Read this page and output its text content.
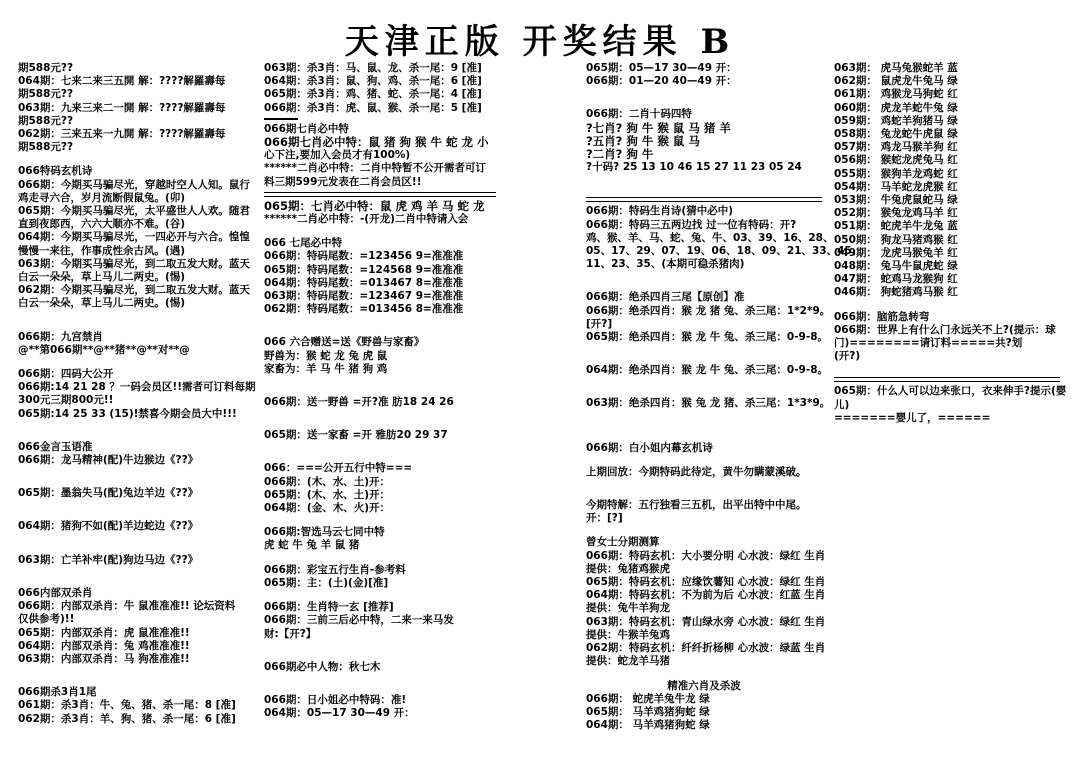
天津正版 开奖结果 B
期588元??
064期：七来二来三五開 解：????解羅壽每
期588元??
063期：九来三来二一開 解：????解羅壽每
期588元??
062期：三来五来一九開 解：????解羅壽每
期588元??
066特码玄机诗
066期：今期买马骗尽光，穿越时空人人知。鼠行
鸡走寻六合，岁月流断假鼠兔。(卯)
065期：今期买马骗尽光，太平盛世人人欢。随君
直到夜郎西，六六大顺亦不难。(谷)
064期：今期买马骗尽光，一四必开与六合。惶惶
慢慢一来往，作事成性余古风。(遇)
063期：今期买马骗尽光，到二取五发大财。蓝天
白云一朵朵，草上马儿二两史。(惕)
062期：今期买马骗尽光，到二取五发大财。蓝天
白云一朵朵，草上马儿二两史。(惕)
066期：九宫禁肖
@**第066期**@**猪**@**对**@
066期：四码大公开
066期:14 21 28 ？一码会员区!!需者可订料每期
300元三期800元!!
065期:14 25 33 (15)!禁喜今期会员大中!!!
066金言玉语准
066期：龙马精神(配)牛边猴边《??》
065期：墨翁失马(配)兔边羊边《??》
064期：猪狗不如(配)羊边蛇边《??》
063期：亡羊补牢(配)狗边马边《??》
066内部双杀肖
066期：内部双杀肖：牛 鼠准准准!! 论坛资料
仅供参考)!!
065期：内部双杀肖：虎 鼠准准准!!
064期：内部双杀肖：兔 鸡准准准!!
063期：内部双杀肖：马 狗准准准!!
066期杀3肖1尾
061期：杀3肖：牛、兔、猪、杀一尾：8 [准]
062期：杀3肖：羊、狗、猪、杀一尾：6 [准]
063期：杀3肖：马、鼠、龙、杀一尾：9 [准]
064期：杀3肖：鼠、狗、鸡、杀一尾：6 [准]
065期：杀3肖：鸡、猪、蛇、杀一尾：4 [准]
066期：杀3肖：虎、鼠、猴、杀一尾：5 [准]
066期七肖必中特
066期七肖必中特：鼠 猪 狗 猴 牛 蛇 龙 小
心下注,要加入会员才有100%)
******二肖必中特：二肖中特暂不公开需者可订
料三期599元发表在二肖会员区!!
065期：七肖必中特：鼠 虎 鸡 羊 马 蛇 龙
******二肖必中特：-(开龙)二肖中特请入会
066 七尾必中特
066期：特码尾数：=123456 9=准准准
065期：特码尾数：=124568 9=准准准
064期：特码尾数：=013467 8=准准准
063期：特码尾数：=123467 9=准准准
062期：特码尾数：=013456 8=准准准
066 六合赠送=送《野兽与家畜》
野兽为：猴 蛇 龙 兔 虎 鼠
家畜为：羊 马 牛 猪 狗 鸡
066期：送一野兽 =开?准 肪18 24 26
065期：送一家畜 =开 雅肪20 29 37
066：===公开五行中特===
066期：(木、水、土)开：
065期：(木、水、土)开：
064期：(金、木、火)开：
066期:智选马云七同中特
虎 蛇 牛 兔 羊 鼠 猪
066期：彩宝五行生肖-参考料
065期：主：(土)(金)[准]
066期：生肖特一玄 [推荐]
066期：三前三后必中特，二来一来马发
财:【开?】
066期必中人物：秋七木
066期：日小姐必中特码：准!
064期：05—17 30—49 开：
065期：05—17 30—49 开：
066期：01—20 40—49 开：
066期：二肖十码四特
?七肖? 狗 牛 猴 鼠 马 猪 羊
?五肖? 狗 牛 猴 鼠 马
?二肖? 狗 牛
?十码? 25 13 10 46 15 27 11 23 05 24
066期：特码生肖诗(猜中必中)
066期：特码三五两边找 过一位有特码：开?
鸡、猴、羊、马、蛇、兔、牛、03、39、16、28、
05、17、29、07、19、06、18、09、21、33、45、
11、23、35、(本期可稳杀猪肉)
066期：绝杀四肖三尾【原创】准
066期：绝杀四肖：猴 龙 猪 兔、杀三尾：1*2*9。
[开?]
065期：绝杀四肖：猴 龙 牛 兔、杀三尾：0-9-8。
064期：绝杀四肖：猴 龙 牛 兔、杀三尾：0-9-8。
063期：绝杀四肖：猴 兔 龙 猪、杀三尾：1*3*9。
066期：白小姐内幕玄机诗
上期回放：今期特码此待定，黄牛勿瞒蒙溪破。
今期特解：五行独看三五机，出平出特中中尾。
开：[?]
曾女士分期测算
066期：特码玄机：大小要分明 心水波：绿红 生肖
提供：兔猪鸡猴虎
065期：特码玄机：应缘饮薯知 心水波：绿红 生肖
064期：特码玄机：不为前为后 心水波：红蓝 生肖
提供：兔牛羊狗龙
063期：特码玄机：青山绿水旁 心水波：绿红 生肖
提供：牛猴羊兔鸡
062期：特码玄机：纤纤折杨柳 心水波：绿蓝 生肖
提供：蛇龙羊马猪
精准六肖及杀波
066期： 蛇虎羊兔牛龙 绿
065期： 马羊鸡猪狗蛇 绿
064期： 马羊鸡猪狗蛇 绿
063期： 虎马兔猴蛇羊 蓝
062期： 鼠虎龙牛兔马 绿
061期： 鸡猴龙马狗蛇 红
060期： 虎龙羊蛇牛兔 绿
059期： 鸡蛇羊狗猪马 绿
058期： 兔龙蛇牛虎鼠 绿
057期： 鸡龙马猴羊狗 红
056期： 猴蛇龙虎兔马 红
055期： 猴狗羊龙鸡蛇 红
054期： 马羊蛇龙虎猴 红
053期： 牛兔虎鼠蛇马 绿
052期： 猴兔龙鸡马羊 红
051期： 蛇虎羊牛龙兔 蓝
050期： 狗龙马猪鸡猴 红
049期： 龙虎马猴兔羊 红
048期： 兔马牛鼠虎蛇 绿
047期： 蛇鸡马龙猴狗 红
046期： 狗蛇猪鸡马猴 红
066期：脑筋急转弯
066期：世界上有什么门永远关不上?(提示：球
门)========请订料=====共?划
(开?)
065期：什么人可以边来张口，衣来伸手?提示(婴
儿)
=======婴儿了，======
